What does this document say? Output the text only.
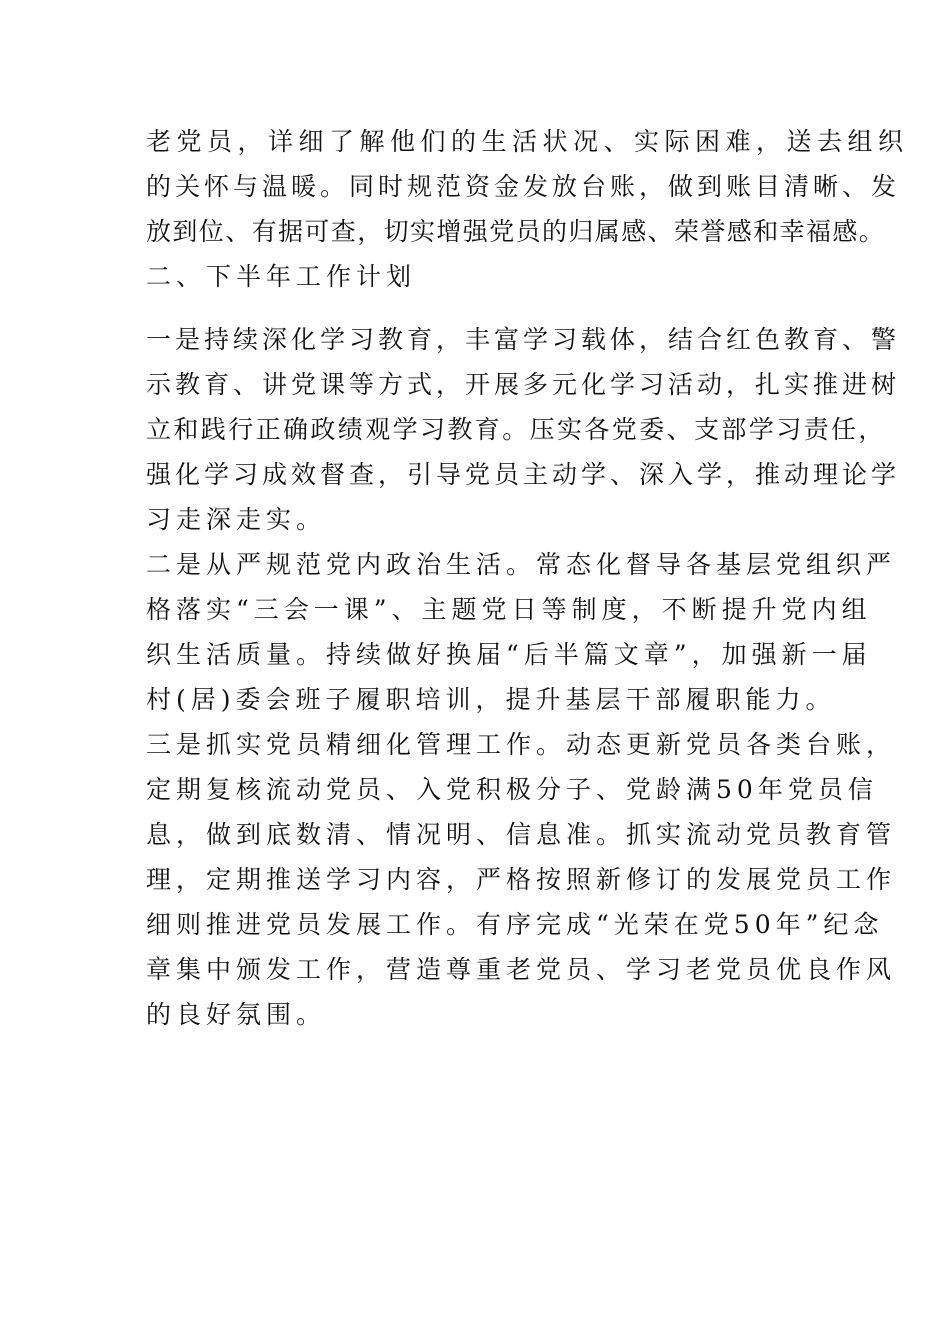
老党员，详细了解他们的生活状况、实际困难，送去组织
的关怀与温暖。同时规范资金发放台账，做到账目清晰、发
放到位、有据可查，切实增强党员的归属感、荣誉感和幸福感。
二、下半年工作计划
一是持续深化学习教育，丰富学习载体，结合红色教育、警
示教育、讲党课等方式，开展多元化学习活动，扎实推进树
立和践行正确政绩观学习教育。压实各党委、支部学习责任，
强化学习成效督查，引导党员主动学、深入学，推动理论学
习走深走实。
二是从严规范党内政治生活。常态化督导各基层党组织严
格落实“三会一课”、主题党日等制度，不断提升党内组
织生活质量。持续做好换届“后半篇文章”，加强新一届
村(居)委会班子履职培训，提升基层干部履职能力。
三是抓实党员精细化管理工作。动态更新党员各类台账，
定期复核流动党员、入党积极分子、党龄满50年党员信
息，做到底数清、情况明、信息准。抓实流动党员教育管
理，定期推送学习内容，严格按照新修订的发展党员工作
细则推进党员发展工作。有序完成“光荣在党50年”纪念
章集中颁发工作，营造尊重老党员、学习老党员优良作风
的良好氛围。
